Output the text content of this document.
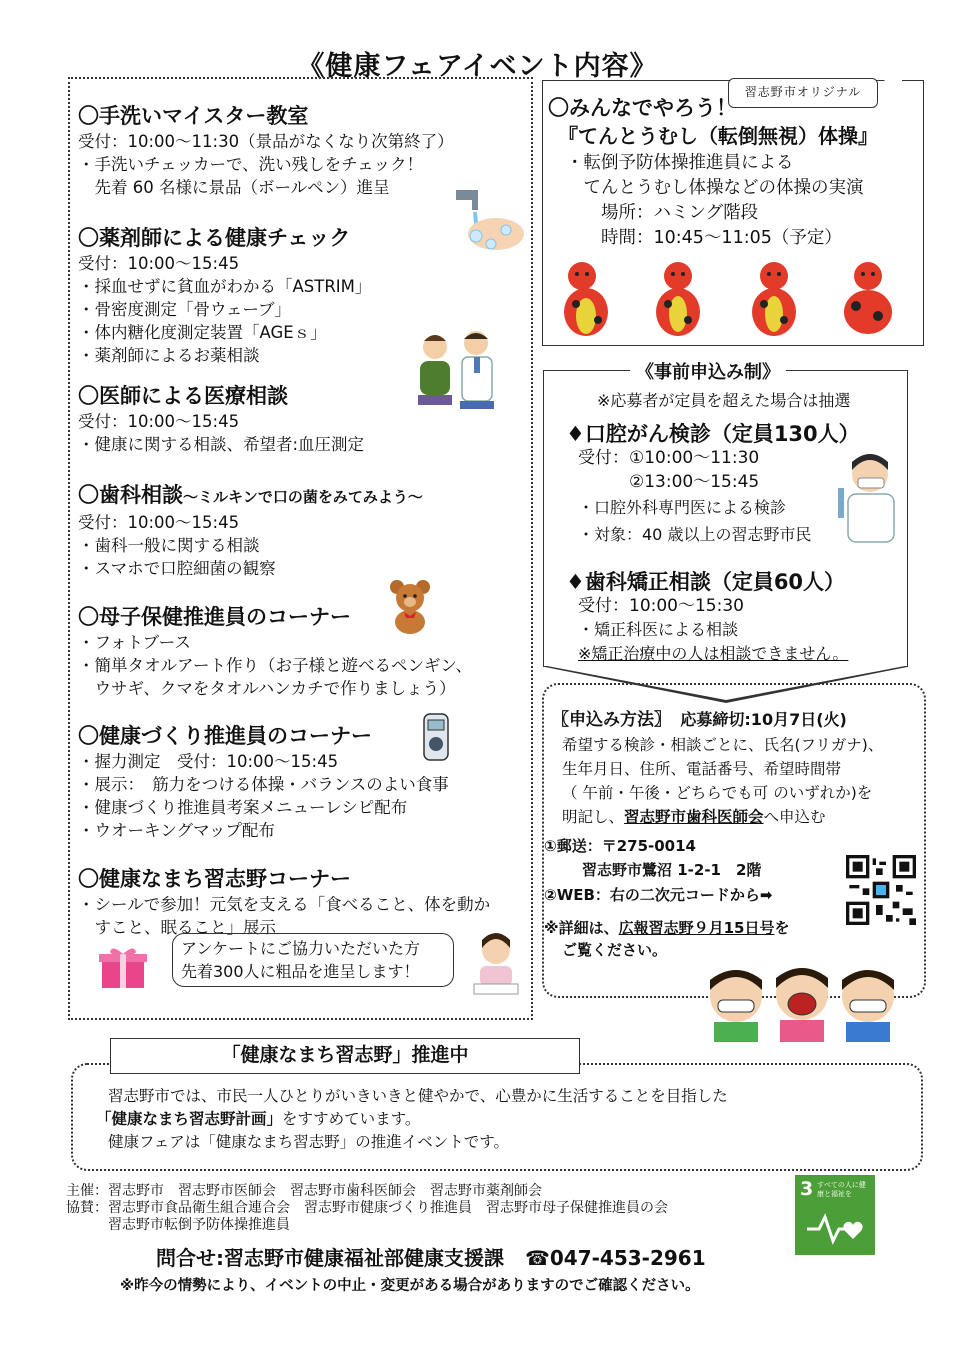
《健康フェアイベント内容》
〇手洗いマイスター教室
受付：10:00～11:30（景品がなくなり次第終了）
・手洗いチェッカーで、洗い残しをチェック！
　先着 60 名様に景品（ボールペン）進呈
〇薬剤師による健康チェック
受付：10:00～15:45
・採血せずに貧血がわかる「ASTRIM」
・骨密度測定「骨ウェーブ」
・体内糖化度測定装置「AGEｓ」
・薬剤師によるお薬相談
〇医師による医療相談
受付：10:00～15:45
・健康に関する相談、希望者:血圧測定
〇歯科相談～ミルキンで口の菌をみてみよう～
受付：10:00～15:45
・歯科一般に関する相談
・スマホで口腔細菌の観察
〇母子保健推進員のコーナー
・フォトブース
・簡単タオルアート作り（お子様と遊べるペンギン、
　ウサギ、クマをタオルハンカチで作りましょう）
〇健康づくり推進員のコーナー
・握力測定　受付：10:00～15:45
・展示：　筋力をつける体操・バランスのよい食事
・健康づくり推進員考案メニューレシピ配布
・ウオーキングマップ配布
〇健康なまち習志野コーナー
・シールで参加！元気を支える「食べること、体を動か
　すこと、眠ること」展示
アンケートにご協力いただいた方
先着300人に粗品を進呈します！
習志野市オリジナル
〇みんなでやろう！
『てんとうむし（転倒無視）体操』
・転倒予防体操推進員による
　てんとうむし体操などの体操の実演
　　場所：ハミング階段
　　時間：10:45～11:05（予定）
《事前申込み制》
※応募者が定員を超えた場合は抽選
♦口腔がん検診（定員130人）
受付：①10:00～11:30
　　　②13:00～15:45
・口腔外科専門医による検診
・対象：40 歳以上の習志野市民
♦歯科矯正相談（定員60人）
受付：10:00～15:30
・矯正科医による相談
※矯正治療中の人は相談できません。
〖申込み方法〗 応募締切:10月7日(火)
希望する検診・相談ごとに、氏名(フリガナ)、
生年月日、住所、電話番号、希望時間帯
（ 午前・午後・どちらでも可 のいずれか)を
明記し、習志野市歯科医師会へ申込む
①郵送：〒275-0014
習志野市鷺沼 1-2-1　2階
②WEB：右の二次元コードから➡
※詳細は、広報習志野９月15日号を
ご覧ください。
「健康なまち習志野」推進中
習志野市では、市民一人ひとりがいきいきと健やかで、心豊かに生活することを目指した
「健康なまち習志野計画」をすすめています。
健康フェアは「健康なまち習志野」の推進イベントです。
主催：習志野市　習志野市医師会　習志野市歯科医師会　習志野市薬剤師会
協賛：習志野市食品衛生組合連合会　習志野市健康づくり推進員　習志野市母子保健推進員の会
　　　習志野市転倒予防体操推進員
3 すべての人に健康と福祉を
問合せ:習志野市健康福祉部健康支援課 ☎047-453-2961
※昨今の情勢により、イベントの中止・変更がある場合がありますのでご確認ください。
